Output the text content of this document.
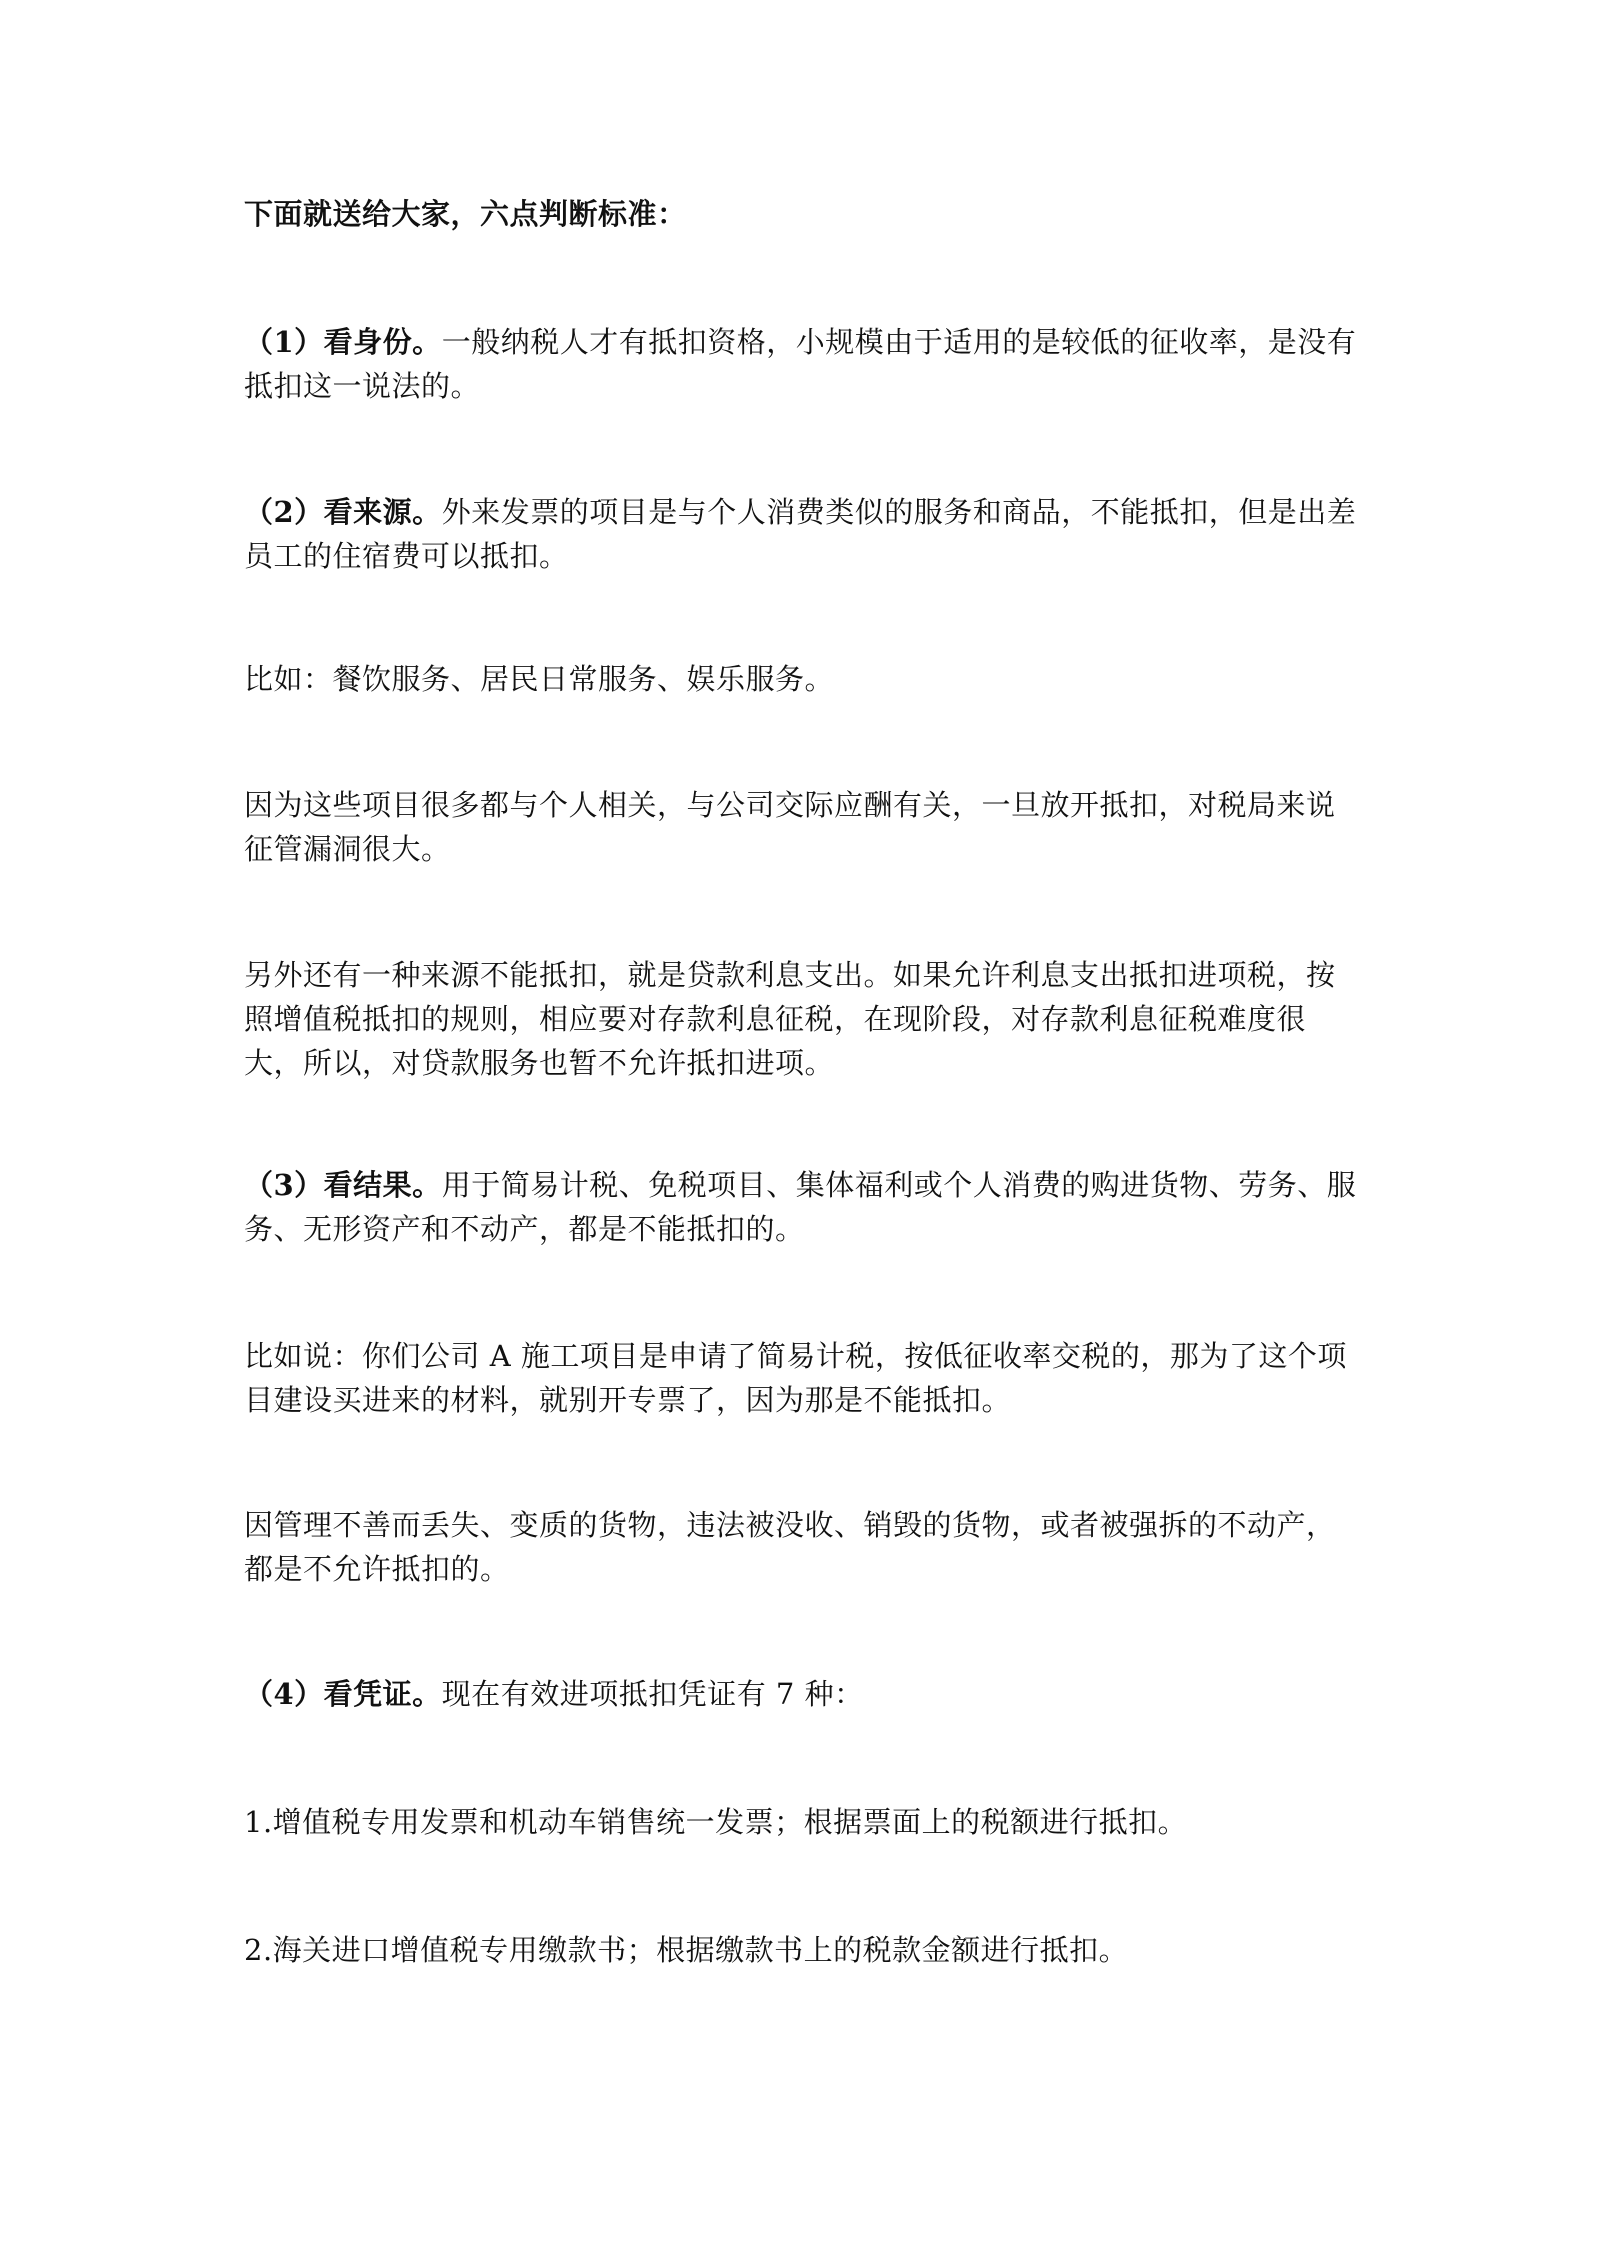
下面就送给大家，六点判断标准：

（1）看身份。一般纳税人才有抵扣资格，小规模由于适用的是较低的征收率，是没有抵扣这一说法的。

（2）看来源。外来发票的项目是与个人消费类似的服务和商品，不能抵扣，但是出差员工的住宿费可以抵扣。

比如：餐饮服务、居民日常服务、娱乐服务。

因为这些项目很多都与个人相关，与公司交际应酬有关，一旦放开抵扣，对税局来说征管漏洞很大。

另外还有一种来源不能抵扣，就是贷款利息支出。如果允许利息支出抵扣进项税，按照增值税抵扣的规则，相应要对存款利息征税，在现阶段，对存款利息征税难度很大，所以，对贷款服务也暂不允许抵扣进项。

（3）看结果。用于简易计税、免税项目、集体福利或个人消费的购进货物、劳务、服务、无形资产和不动产，都是不能抵扣的。

比如说：你们公司 A 施工项目是申请了简易计税，按低征收率交税的，那为了这个项目建设买进来的材料，就别开专票了，因为那是不能抵扣。

因管理不善而丢失、变质的货物，违法被没收、销毁的货物，或者被强拆的不动产，都是不允许抵扣的。

（4）看凭证。现在有效进项抵扣凭证有 7 种：

1.增值税专用发票和机动车销售统一发票；根据票面上的税额进行抵扣。

2.海关进口增值税专用缴款书；根据缴款书上的税款金额进行抵扣。
